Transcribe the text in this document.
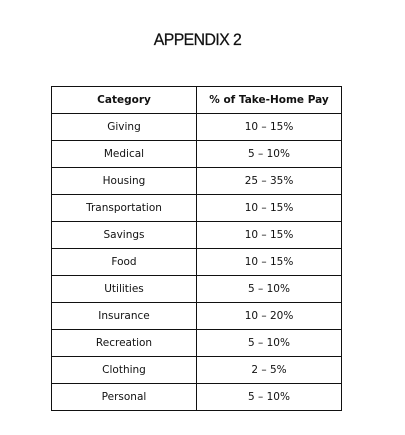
APPENDIX 2
Category	% of Take-Home Pay
Giving	10 – 15%
Medical	5 – 10%
Housing	25 – 35%
Transportation	10 – 15%
Savings	10 – 15%
Food	10 – 15%
Utilities	5 – 10%
Insurance	10 – 20%
Recreation	5 – 10%
Clothing	2 – 5%
Personal	5 – 10%
